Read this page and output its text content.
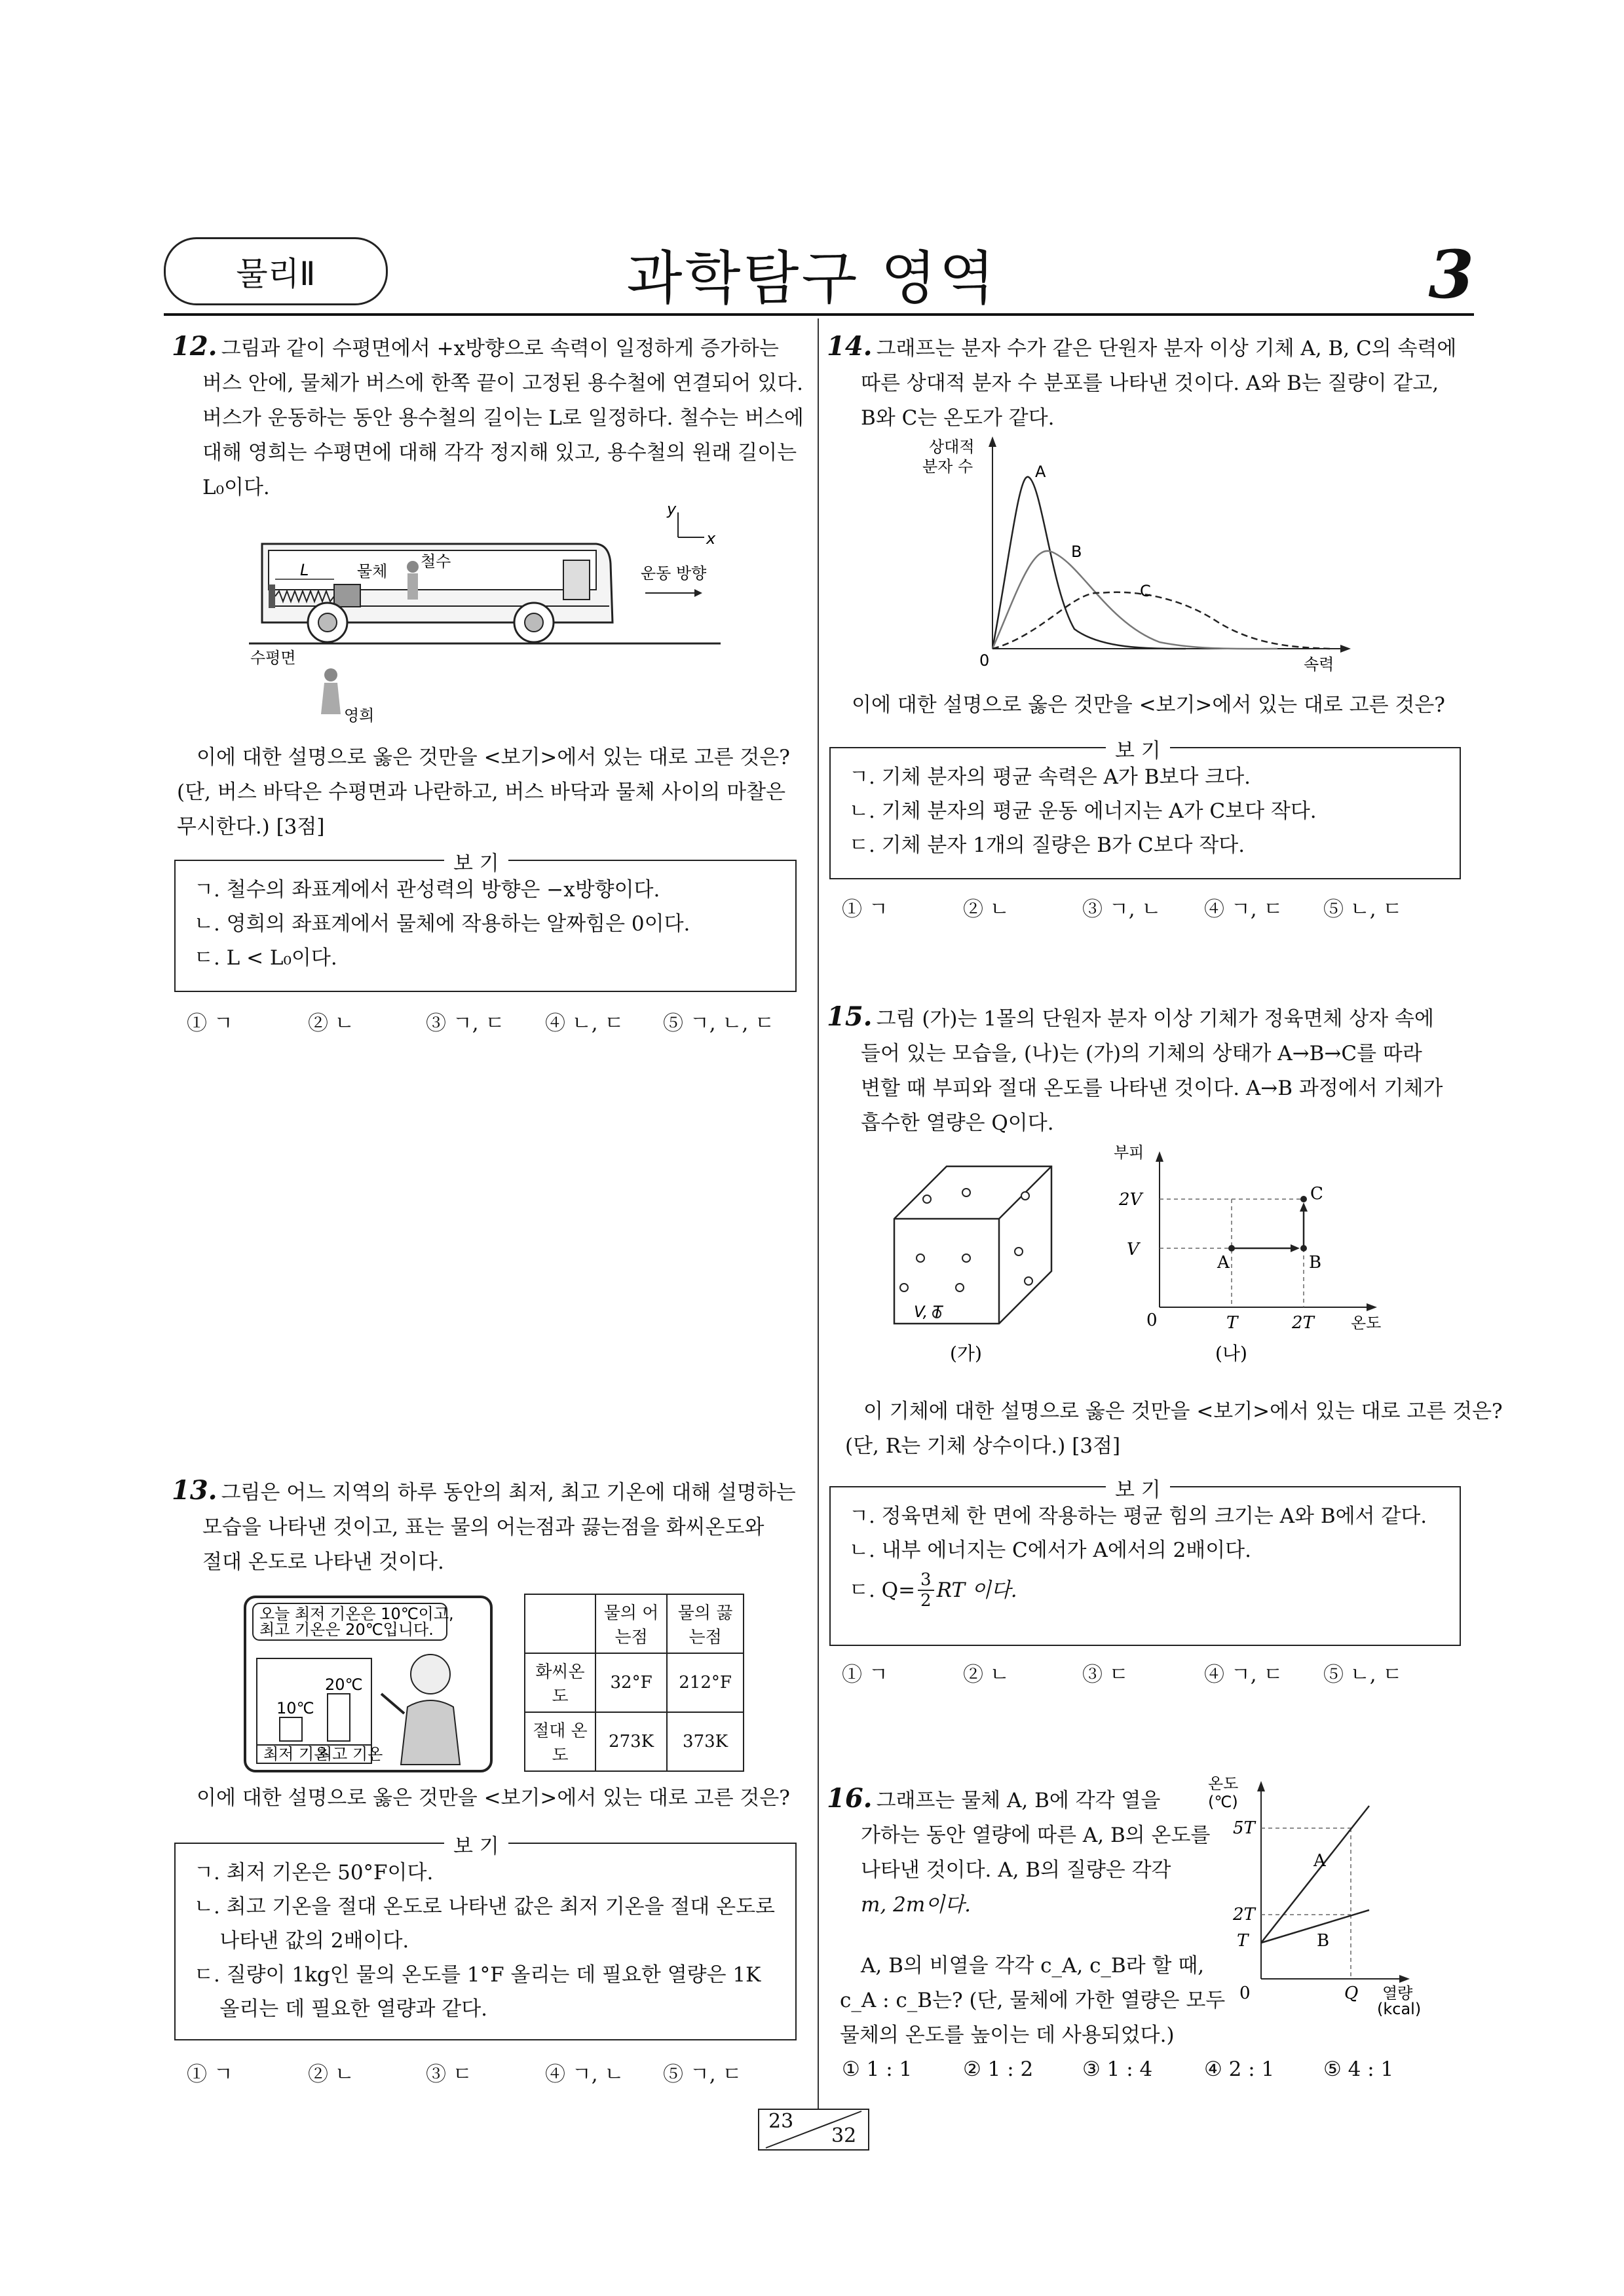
물리Ⅱ	과학탐구 영역	3
12. 그림과 같이 수평면에서 +x방향으로 속력이 일정하게 증가하는
버스 안에, 물체가 버스에 한쪽 끝이 고정된 용수철에 연결되어 있다.
버스가 운동하는 동안 용수철의 길이는 L로 일정하다. 철수는 버스에
대해 영희는 수평면에 대해 각각 정지해 있고, 용수철의 원래 길이는
L₀이다.
y
x
L	물체
철수
수평면
운동 방향
영희
이에 대한 설명으로 옳은 것만을 <보기>에서 있는 대로 고른 것은?
(단, 버스 바닥은 수평면과 나란하고, 버스 바닥과 물체 사이의 마찰은
무시한다.) [3점]
보 기
ㄱ. 철수의 좌표계에서 관성력의 방향은 −x방향이다.
ㄴ. 영희의 좌표계에서 물체에 작용하는 알짜힘은 0이다.
ㄷ. L < L₀이다.
① ㄱ	② ㄴ	③ ㄱ, ㄷ ④ ㄴ, ㄷ ⑤ ㄱ, ㄴ, ㄷ
13. 그림은 어느 지역의 하루 동안의 최저, 최고 기온에 대해 설명하는
모습을 나타낸 것이고, 표는 물의 어는점과 끓는점을 화씨온도와
절대 온도로 나타낸 것이다.
오늘 최저 기온은 10℃이고,
최고 기온은 20℃입니다.
10℃
20℃
최저 기온
최고 기온
	물의 어는점	물의 끓는점
화씨온도	32°F	212°F
절대 온도	273K	373K
이에 대한 설명으로 옳은 것만을 <보기>에서 있는 대로 고른 것은?
보 기
ㄱ. 최저 기온은 50°F이다.
ㄴ. 최고 기온을 절대 온도로 나타낸 값은 최저 기온을 절대 온도로
나타낸 값의 2배이다.
ㄷ. 질량이 1kg인 물의 온도를 1°F 올리는 데 필요한 열량은 1K
올리는 데 필요한 열량과 같다.
① ㄱ	② ㄴ	③ ㄷ	④ ㄱ, ㄴ ⑤ ㄱ, ㄷ
14. 그래프는 분자 수가 같은 단원자 분자 이상 기체 A, B, C의 속력에
따른 상대적 분자 수 분포를 나타낸 것이다. A와 B는 질량이 같고,
B와 C는 온도가 같다.
상대적
분자 수
속력
0
A
B
C
이에 대한 설명으로 옳은 것만을 <보기>에서 있는 대로 고른 것은?
보 기
ㄱ. 기체 분자의 평균 속력은 A가 B보다 크다.
ㄴ. 기체 분자의 평균 운동 에너지는 A가 C보다 작다.
ㄷ. 기체 분자 1개의 질량은 B가 C보다 작다.
① ㄱ	② ㄴ	③ ㄱ, ㄴ ④ ㄱ, ㄷ ⑤ ㄴ, ㄷ
15. 그림 (가)는 1몰의 단원자 분자 이상 기체가 정육면체 상자 속에
들어 있는 모습을, (나)는 (가)의 기체의 상태가 A→B→C를 따라
변할 때 부피와 절대 온도를 나타낸 것이다. A→B 과정에서 기체가
흡수한 열량은 Q이다.
V, T
(가)
부피
온도
0
2V
V
T	2T
A	B
C
(나)
이 기체에 대한 설명으로 옳은 것만을 <보기>에서 있는 대로 고른 것은?
(단, R는 기체 상수이다.) [3점]
보 기
ㄱ. 정육면체 한 면에 작용하는 평균 힘의 크기는 A와 B에서 같다.
ㄴ. 내부 에너지는 C에서가 A에서의 2배이다.
ㄷ. $Q= \frac{3}{2}$ RT 이다.
① ㄱ	② ㄴ	③ ㄷ	④ ㄱ, ㄷ ⑤ ㄴ, ㄷ
16. 그래프는 물체 A, B에 각각 열을
가하는 동안 열량에 따른 A, B의 온도를
나타낸 것이다. A, B의 질량은 각각
m, 2m이다.
A, B의 비열을 각각 c_A, c_B라 할 때,
c_A : c_B는? (단, 물체에 가한 열량은 모두
물체의 온도를 높이는 데 사용되었다.)
온도
(℃)
5T
2T
T
0	Q 열량
(kcal)
A
B
① 1 : 1	② 1 : 2 ③ 1 : 4	④ 2 : 1 ⑤ 4 : 1
23
32
